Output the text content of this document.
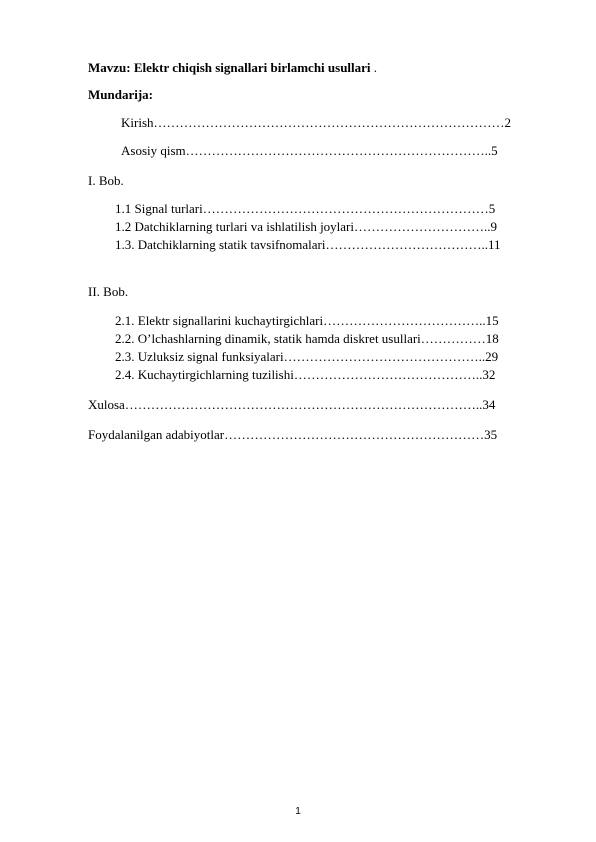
Mavzu: Elektr chiqish signallari birlamchi usullari .
Mundarija:
Kirish………………………………………………………………………2
Asosiy qism……………………………………………………………..5
I. Bob.
1.1 Signal turlari…………………………………………………………5
1.2 Datchiklarning turlari va ishlatilish joylari…………………………..9
1.3. Datchiklarning statik tavsifnomalari………………………………..11
II. Bob.
2.1. Elektr signallarini kuchaytirgichlari………………………………..15
2.2. O’lchashlarning dinamik, statik hamda diskret usullari……………18
2.3. Uzluksiz signal funksiyalari………………………………………..29
2.4. Kuchaytirgichlarning tuzilishi……………………………………..32
Xulosa………………………………………………………………………..34
Foydalanilgan adabiyotlar……………………………………………………35
1
